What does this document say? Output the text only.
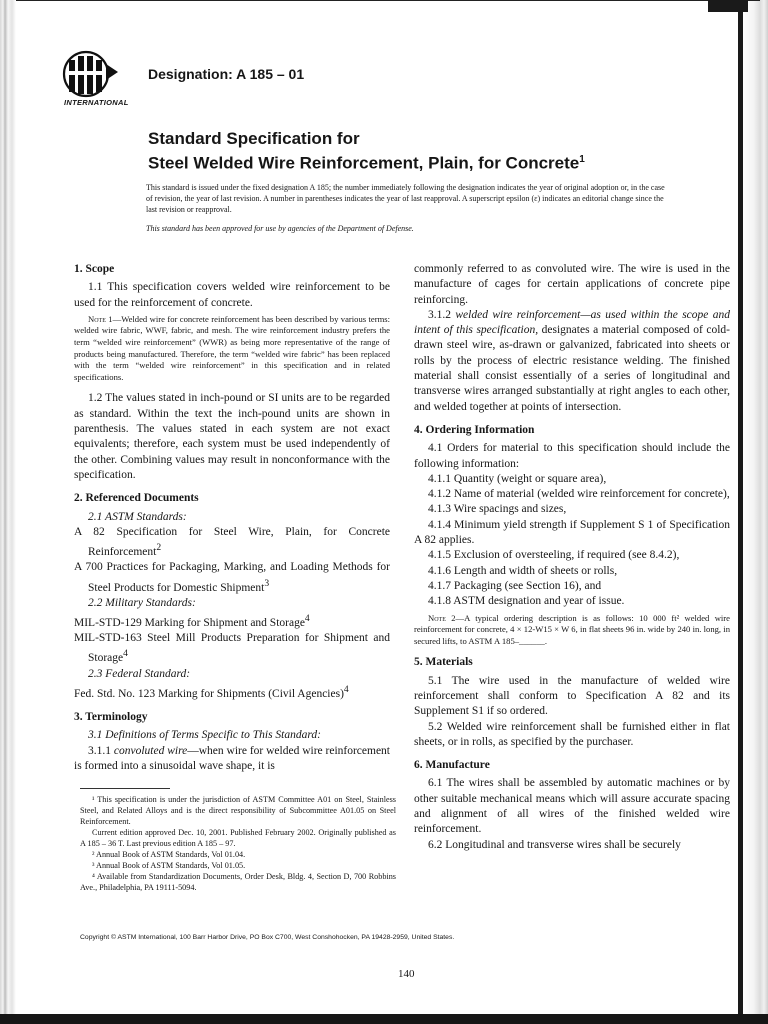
INTERNATIONAL
Designation: A 185 – 01
Standard Specification for
Steel Welded Wire Reinforcement, Plain, for Concrete$^1$
This standard is issued under the fixed designation A 185; the number immediately following the designation indicates the year of original adoption or, in the case of revision, the year of last revision. A number in parentheses indicates the year of last reapproval. A superscript epsilon (ε) indicates an editorial change since the last revision or reapproval.
This standard has been approved for use by agencies of the Department of Defense.
1. Scope

1.1 This specification covers welded wire reinforcement to be used for the reinforcement of concrete.

Note 1—Welded wire for concrete reinforcement has been described by various terms: welded wire fabric, WWF, fabric, and mesh. The wire reinforcement industry prefers the term “welded wire reinforcement” (WWR) as being more representative of the range of products being manufactured. Therefore, the term “welded wire fabric” has been replaced with the term “welded wire reinforcement” in this specification and in related specifications.

1.2 The values stated in inch-pound or SI units are to be regarded as standard. Within the text the inch-pound units are shown in parenthesis. The values stated in each system are not exact equivalents; therefore, each system must be used independently of the other. Combining values may result in nonconformance with the specification.

2. Referenced Documents

2.1 ASTM Standards:

A 82 Specification for Steel Wire, Plain, for Concrete Reinforcement$^2$

A 700 Practices for Packaging, Marking, and Loading Methods for Steel Products for Domestic Shipment$^3$

2.2 Military Standards:

MIL-STD-129 Marking for Shipment and Storage$^4$

MIL-STD-163 Steel Mill Products Preparation for Shipment and Storage$^4$

2.3 Federal Standard:

Fed. Std. No. 123 Marking for Shipments (Civil Agencies)$^4$

3. Terminology

3.1 Definitions of Terms Specific to This Standard:

3.1.1 convoluted wire—when wire for welded wire reinforcement is formed into a sinusoidal wave shape, it is

¹ This specification is under the jurisdiction of ASTM Committee A01 on Steel, Stainless Steel, and Related Alloys and is the direct responsibility of Subcommittee A01.05 on Steel Reinforcement.

Current edition approved Dec. 10, 2001. Published February 2002. Originally published as A 185 – 36 T. Last previous edition A 185 – 97.

² Annual Book of ASTM Standards, Vol 01.04.

³ Annual Book of ASTM Standards, Vol 01.05.

⁴ Available from Standardization Documents, Order Desk, Bldg. 4, Section D, 700 Robbins Ave., Philadelphia, PA 19111-5094.

commonly referred to as convoluted wire. The wire is used in the manufacture of cages for certain applications of concrete pipe reinforcing.

3.1.2 welded wire reinforcement—as used within the scope and intent of this specification, designates a material composed of cold-drawn steel wire, as-drawn or galvanized, fabricated into sheets or rolls by the process of electric resistance welding. The finished material shall consist essentially of a series of longitudinal and transverse wires arranged substantially at right angles to each other, and welded together at points of intersection.

4. Ordering Information

4.1 Orders for material to this specification should include the following information:

4.1.1 Quantity (weight or square area),

4.1.2 Name of material (welded wire reinforcement for concrete),

4.1.3 Wire spacings and sizes,

4.1.4 Minimum yield strength if Supplement S 1 of Specification A 82 applies.

4.1.5 Exclusion of oversteeling, if required (see 8.4.2),

4.1.6 Length and width of sheets or rolls,

4.1.7 Packaging (see Section 16), and

4.1.8 ASTM designation and year of issue.

Note 2—A typical ordering description is as follows: 10 000 ft² welded wire reinforcement for concrete, 4 × 12-W15 × W 6, in flat sheets 96 in. wide by 240 in. long, in secured lifts, to ASTM A 185–______.

5. Materials

5.1 The wire used in the manufacture of welded wire reinforcement shall conform to Specification A 82 and its Supplement S1 if so ordered.

5.2 Welded wire reinforcement shall be furnished either in flat sheets, or in rolls, as specified by the purchaser.

6. Manufacture

6.1 The wires shall be assembled by automatic machines or by other suitable mechanical means which will assure accurate spacing and alignment of all wires of the finished welded wire reinforcement.

6.2 Longitudinal and transverse wires shall be securely

Copyright © ASTM International, 100 Barr Harbor Drive, PO Box C700, West Conshohocken, PA 19428-2959, United States.
140
